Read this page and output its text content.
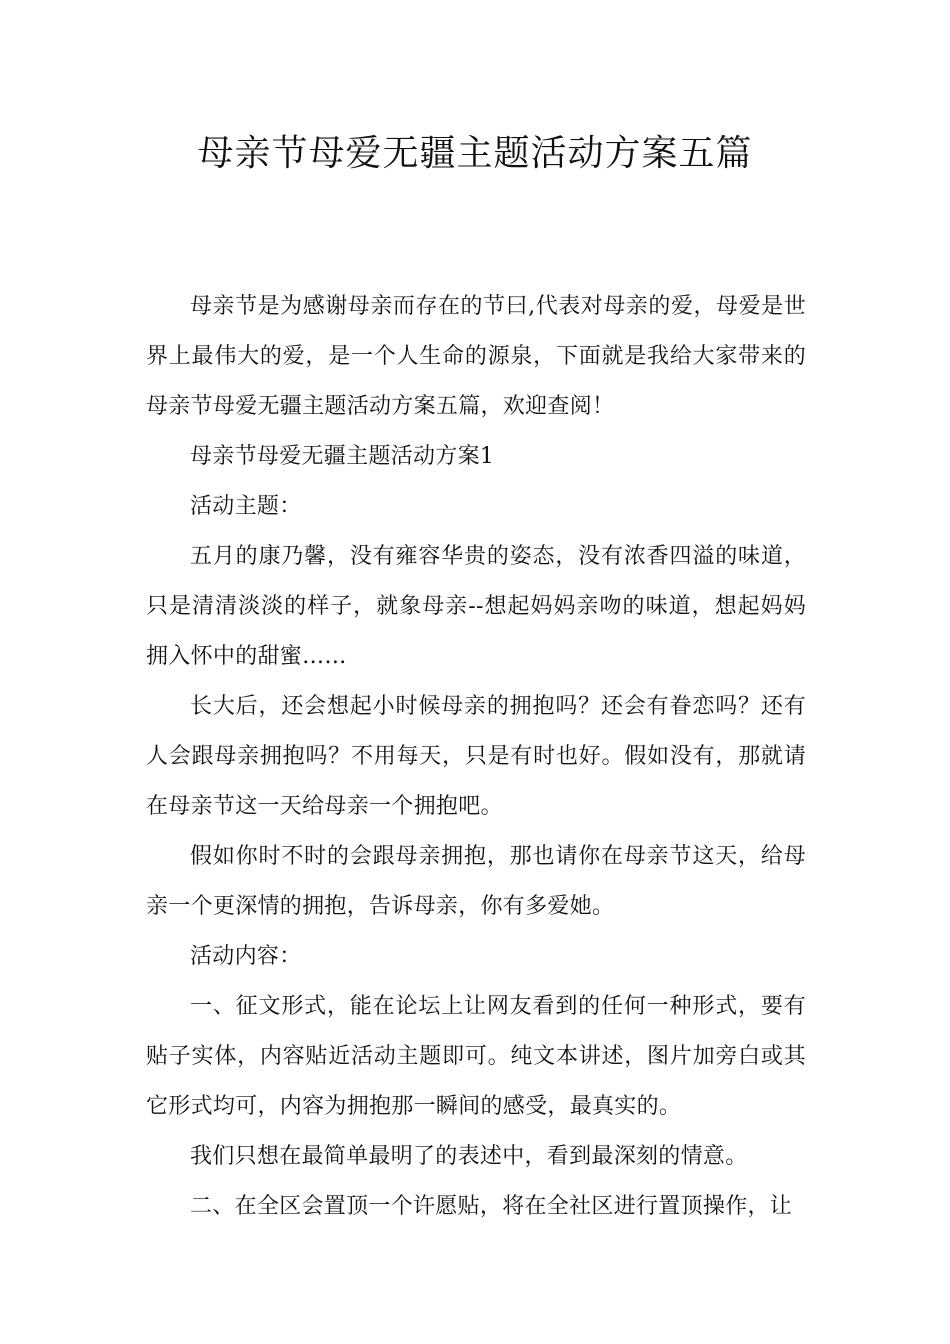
母亲节母爱无疆主题活动方案五篇

母亲节是为感谢母亲而存在的节曰,代表对母亲的爱，母爱是世界上最伟大的爱，是一个人生命的源泉，下面就是我给大家带来的母亲节母爱无疆主题活动方案五篇，欢迎查阅！

母亲节母爱无疆主题活动方案1

活动主题：

五月的康乃馨，没有雍容华贵的姿态，没有浓香四溢的味道，只是清清淡淡的样子，就象母亲--想起妈妈亲吻的味道，想起妈妈拥入怀中的甜蜜……

长大后，还会想起小时候母亲的拥抱吗？还会有眷恋吗？还有人会跟母亲拥抱吗？不用每天，只是有时也好。假如没有，那就请在母亲节这一天给母亲一个拥抱吧。

假如你时不时的会跟母亲拥抱，那也请你在母亲节这天，给母亲一个更深情的拥抱，告诉母亲，你有多爱她。

活动内容：

一、征文形式，能在论坛上让网友看到的任何一种形式，要有贴子实体，内容贴近活动主题即可。纯文本讲述，图片加旁白或其它形式均可，内容为拥抱那一瞬间的感受，最真实的。

我们只想在最简单最明了的表述中，看到最深刻的情意。

二、在全区会置顶一个许愿贴，将在全社区进行置顶操作，让
